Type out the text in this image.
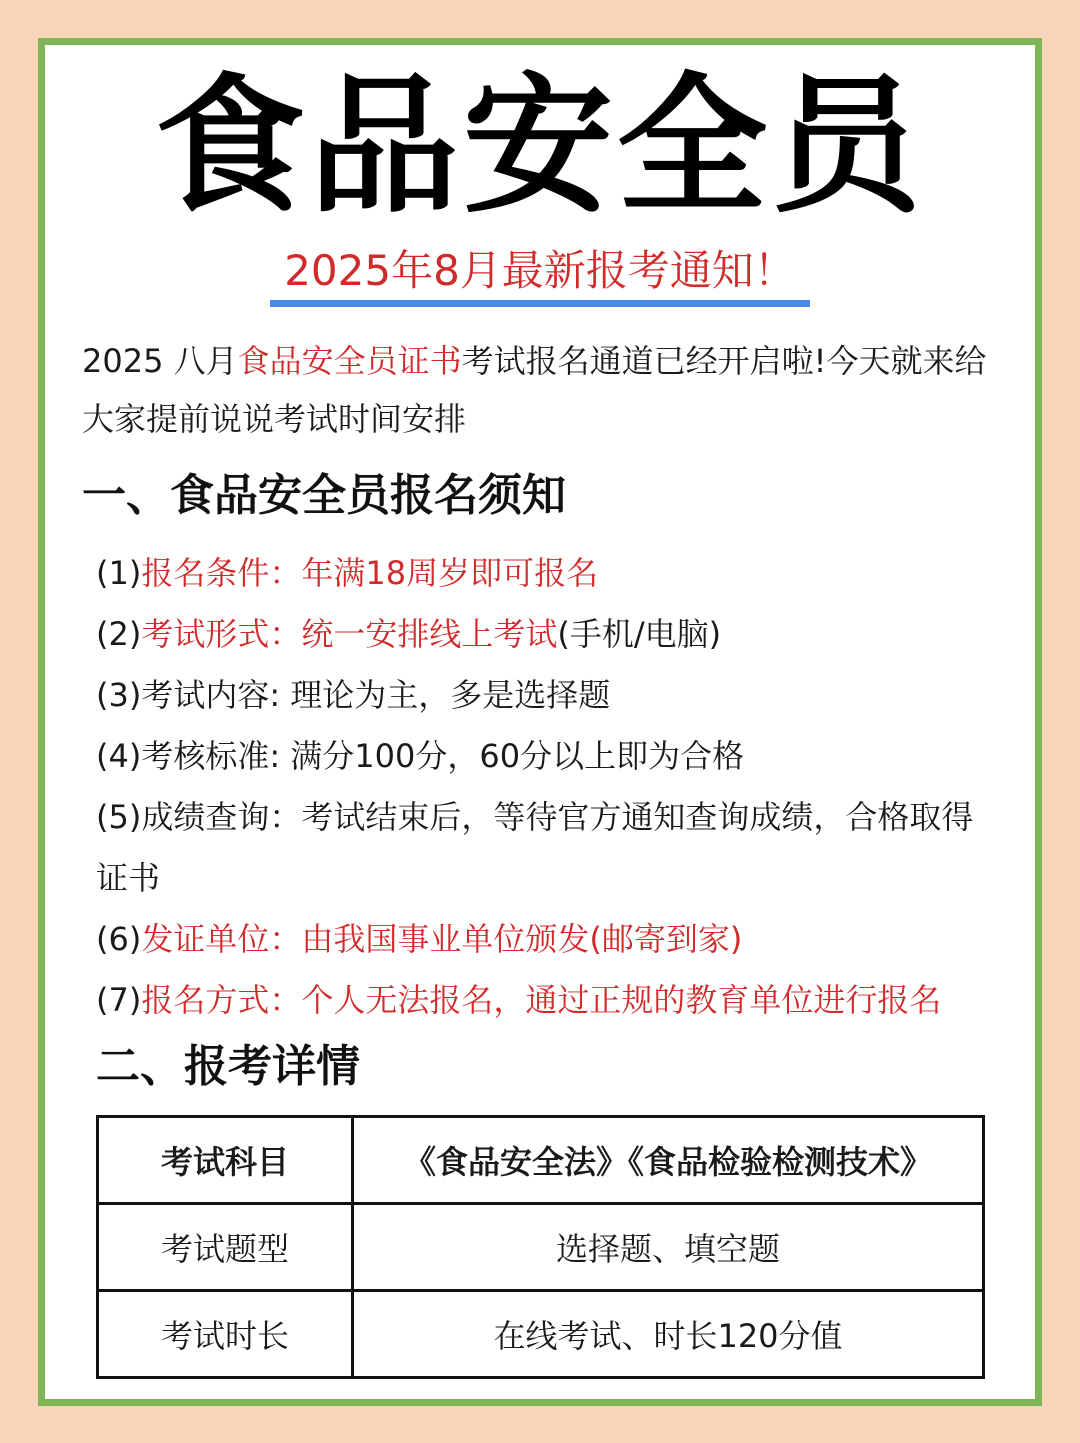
食品安全员
2025年8月最新报考通知！
2025 八月食品安全员证书考试报名通道已经开启啦!今天就来给大家提前说说考试时间安排
一、食品安全员报名须知
(1)报名条件：年满18周岁即可报名
(2)考试形式：统一安排线上考试(手机/电脑)
(3)考试内容: 理论为主，多是选择题
(4)考核标准: 满分100分，60分以上即为合格
(5)成绩查询：考试结束后，等待官方通知查询成绩，合格取得证书
(6)发证单位：由我国事业单位颁发(邮寄到家)
(7)报名方式：个人无法报名，通过正规的教育单位进行报名
二、报考详情
考试科目	《食品安全法》《食品检验检测技术》
考试题型	选择题、填空题
考试时长	在线考试、时长120分值
